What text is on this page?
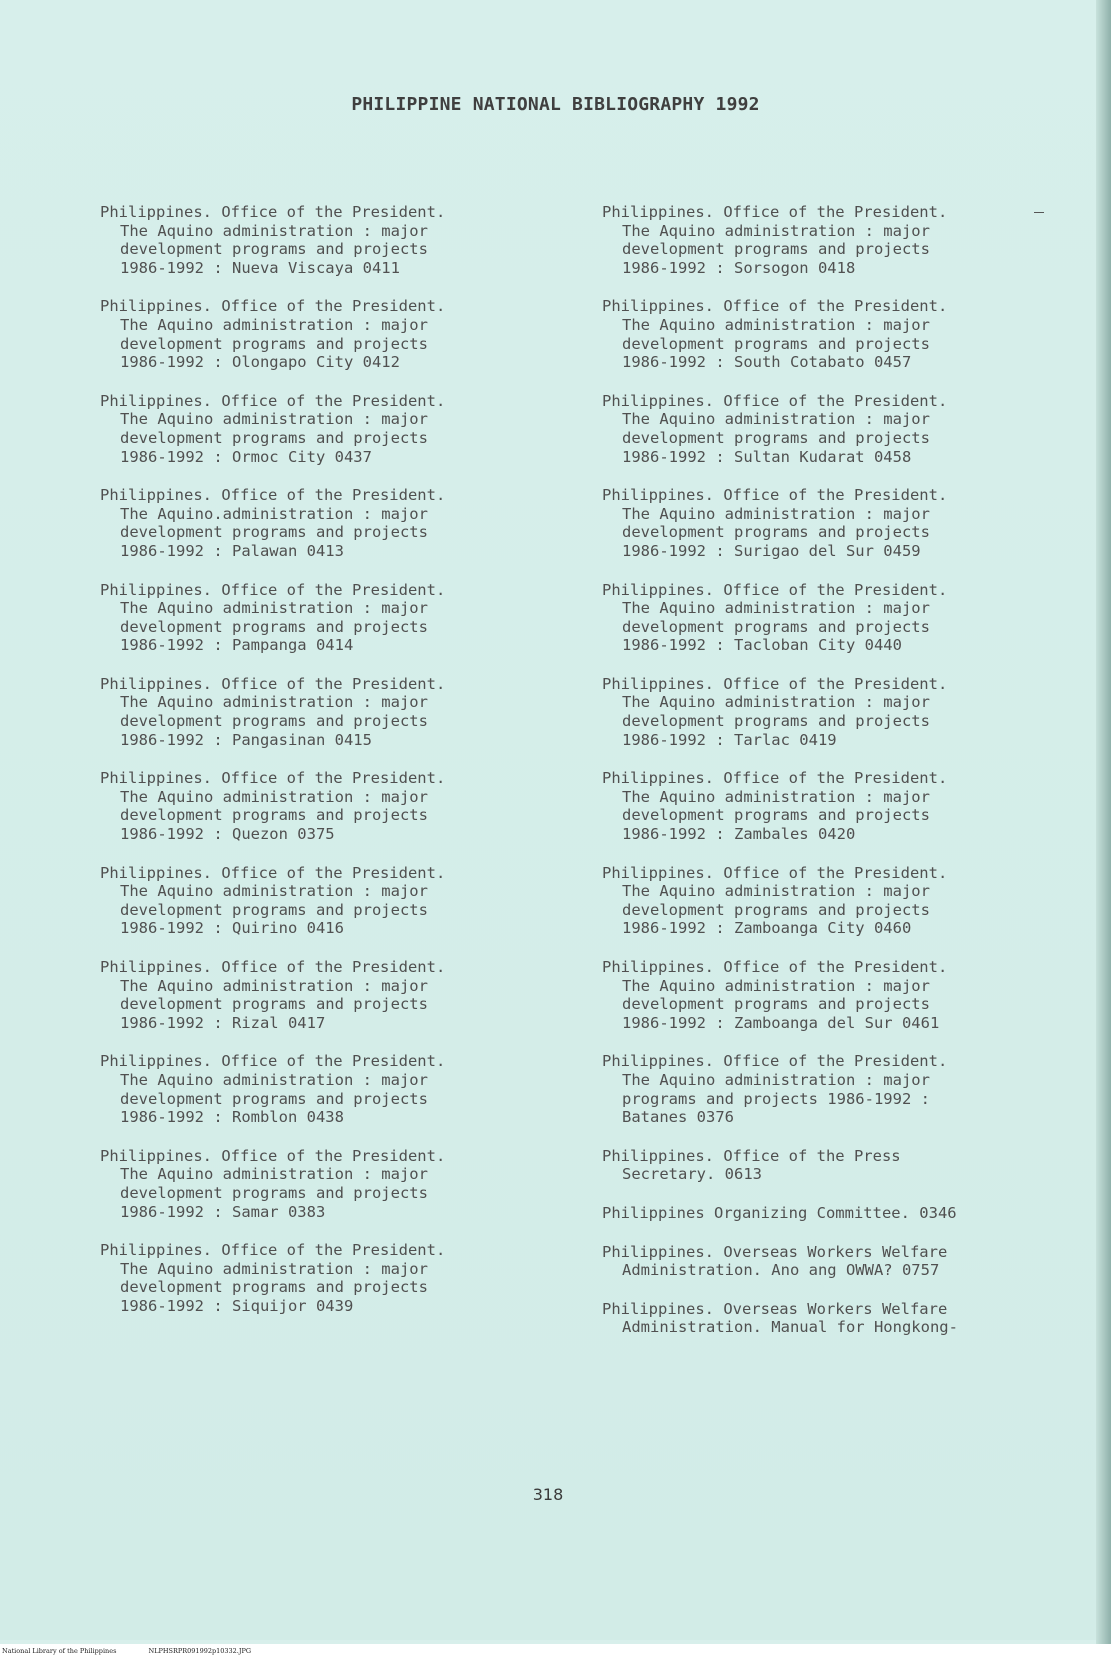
PHILIPPINE NATIONAL BIBLIOGRAPHY 1992
Philippines. Office of the President.
The Aquino administration : major
development programs and projects
1986-1992 : Nueva Viscaya 0411
Philippines. Office of the President.
The Aquino administration : major
development programs and projects
1986-1992 : Olongapo City 0412
Philippines. Office of the President.
The Aquino administration : major
development programs and projects
1986-1992 : Ormoc City 0437
Philippines. Office of the President.
The Aquino.administration : major
development programs and projects
1986-1992 : Palawan 0413
Philippines. Office of the President.
The Aquino administration : major
development programs and projects
1986-1992 : Pampanga 0414
Philippines. Office of the President.
The Aquino administration : major
development programs and projects
1986-1992 : Pangasinan 0415
Philippines. Office of the President.
The Aquino administration : major
development programs and projects
1986-1992 : Quezon 0375
Philippines. Office of the President.
The Aquino administration : major
development programs and projects
1986-1992 : Quirino 0416
Philippines. Office of the President.
The Aquino administration : major
development programs and projects
1986-1992 : Rizal 0417
Philippines. Office of the President.
The Aquino administration : major
development programs and projects
1986-1992 : Romblon 0438
Philippines. Office of the President.
The Aquino administration : major
development programs and projects
1986-1992 : Samar 0383
Philippines. Office of the President.
The Aquino administration : major
development programs and projects
1986-1992 : Siquijor 0439
Philippines. Office of the President.
The Aquino administration : major
development programs and projects
1986-1992 : Sorsogon 0418
Philippines. Office of the President.
The Aquino administration : major
development programs and projects
1986-1992 : South Cotabato 0457
Philippines. Office of the President.
The Aquino administration : major
development programs and projects
1986-1992 : Sultan Kudarat 0458
Philippines. Office of the President.
The Aquino administration : major
development programs and projects
1986-1992 : Surigao del Sur 0459
Philippines. Office of the President.
The Aquino administration : major
development programs and projects
1986-1992 : Tacloban City 0440
Philippines. Office of the President.
The Aquino administration : major
development programs and projects
1986-1992 : Tarlac 0419
Philippines. Office of the President.
The Aquino administration : major
development programs and projects
1986-1992 : Zambales 0420
Philippines. Office of the President.
The Aquino administration : major
development programs and projects
1986-1992 : Zamboanga City 0460
Philippines. Office of the President.
The Aquino administration : major
development programs and projects
1986-1992 : Zamboanga del Sur 0461
Philippines. Office of the President.
The Aquino administration : major
programs and projects 1986-1992 :
Batanes 0376
Philippines. Office of the Press
Secretary. 0613
Philippines Organizing Committee. 0346
Philippines. Overseas Workers Welfare
Administration. Ano ang OWWA? 0757
Philippines. Overseas Workers Welfare
Administration. Manual for Hongkong-
318
National Library of the Philippines	NLPHSRPR091992p10332.JPG
